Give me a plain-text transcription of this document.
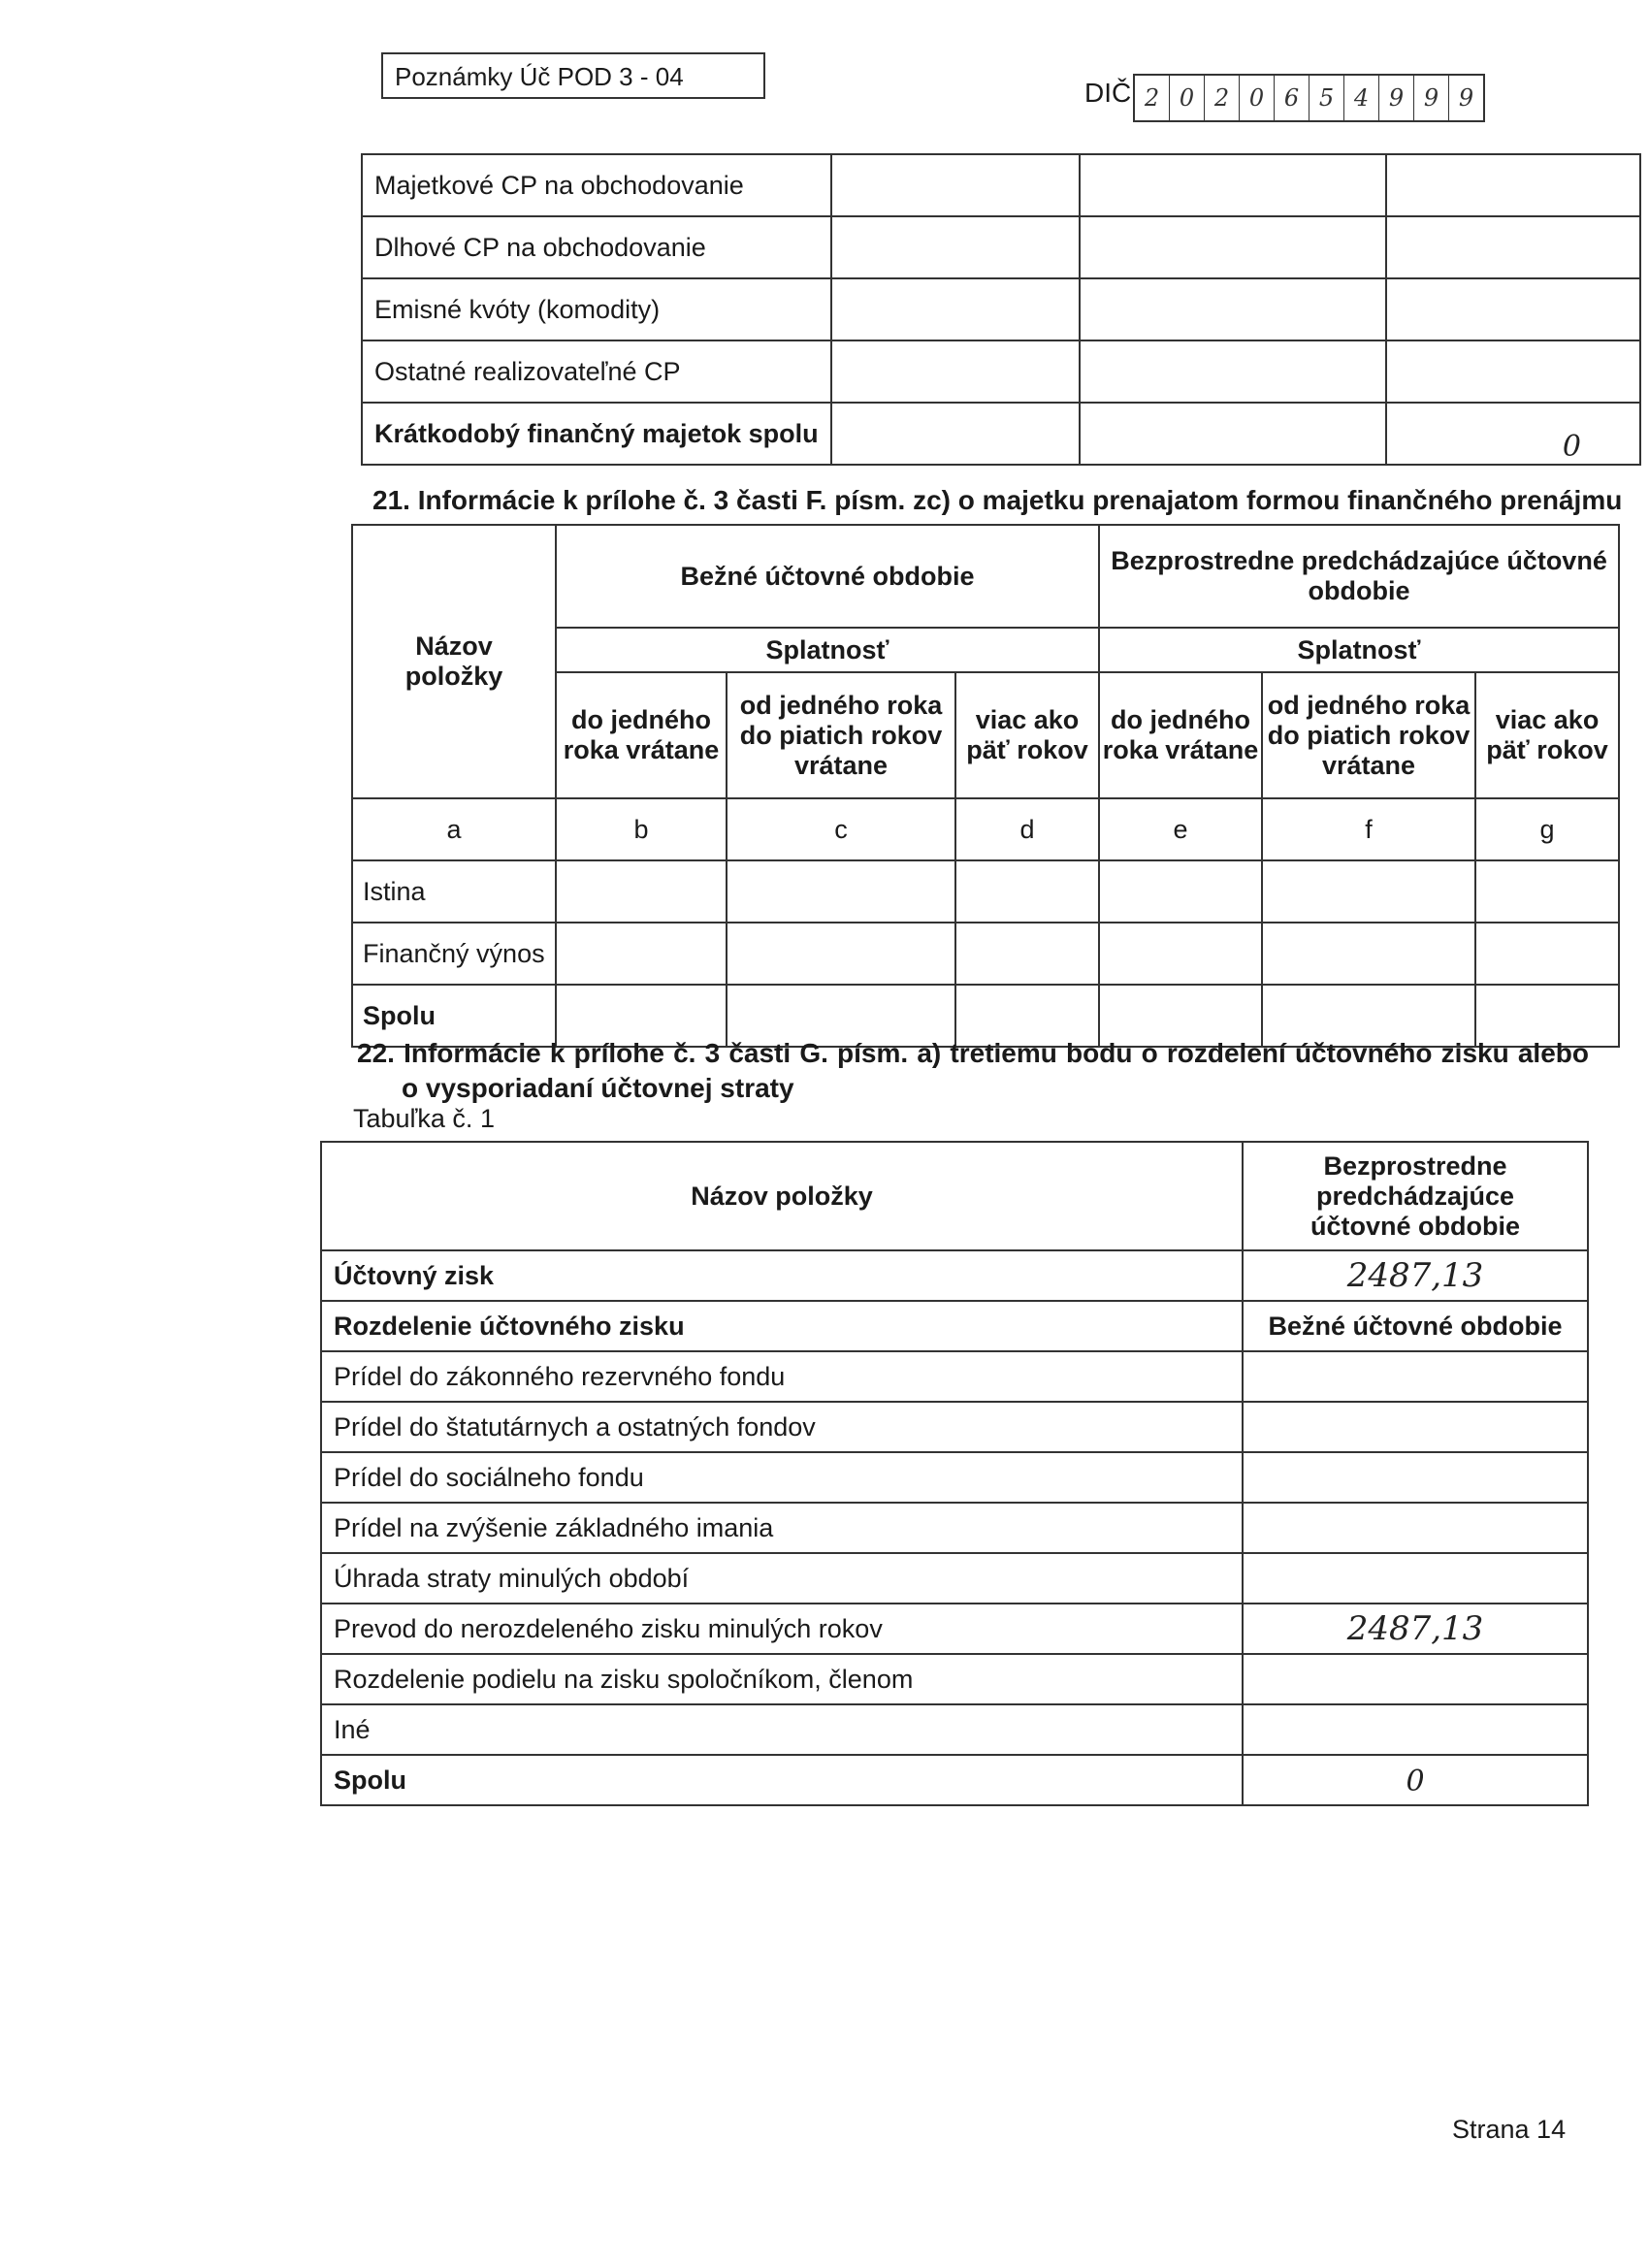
Poznámky Úč POD 3 - 04
DIČ 2 0 2 0 6 5 4 9 9 9
Majetkové CP na obchodovanie			
Dlhové CP na obchodovanie			
Emisné kvóty (komodity)			
Ostatné realizovateľné CP			
Krátkodobý finančný majetok spolu			0
21. Informácie k prílohe č. 3 časti F. písm. zc) o majetku prenajatom formou finančného prenájmu
Názov položky	Bežné účtovné obdobie			Bezprostredne predchádzajúce účtovné obdobie		
	Splatnosť			Splatnosť		

	do jedného roka vrátane	od jedného roka do piatich rokov vrátane	viac ako päť rokov	do jedného roka vrátane	od jedného roka do piatich rokov vrátane	viac ako päť rokov

a	b	c	d	e	f	g
Istina						
Finančný výnos						
Spolu						
22. Informácie k prílohe č. 3 časti G. písm. a) tretiemu bodu o rozdelení účtovného zisku alebo
o vysporiadaní účtovnej straty
Tabuľka č. 1
Názov položky	Bezprostredne predchádzajúce účtovné obdobie

Účtovný zisk	2487,13
Rozdelenie účtovného zisku	Bežné účtovné obdobie
Prídel do zákonného rezervného fondu	
Prídel do štatutárnych a ostatných fondov	
Prídel do sociálneho fondu	
Prídel na zvýšenie základného imania	
Úhrada straty minulých období	
Prevod do nerozdeleného zisku minulých rokov	2487,13
Rozdelenie podielu na zisku spoločníkom, členom	
Iné	
Spolu	0
Strana 14
